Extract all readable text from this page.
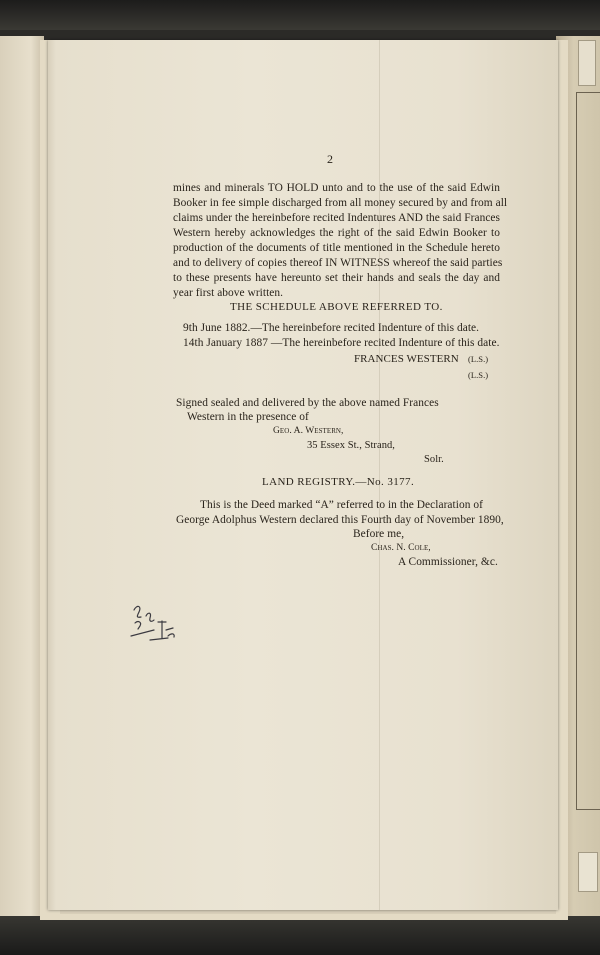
2
mines and minerals TO HOLD unto and to the use of the said Edwin
Booker in fee simple discharged from all money secured by and from all
claims under the hereinbefore recited Indentures AND the said Frances
Western hereby acknowledges the right of the said Edwin Booker to
production of the documents of title mentioned in the Schedule hereto
and to delivery of copies thereof IN WITNESS whereof the said parties
to these presents have hereunto set their hands and seals the day and
year first above written.
THE SCHEDULE ABOVE REFERRED TO.
9th June 1882.—The hereinbefore recited Indenture of this date.
14th January 1887 —The hereinbefore recited Indenture of this date.
FRANCES WESTERN (L.S.)
(L.S.)
Signed sealed and delivered by the above named Frances
Western in the presence of
Geo. A. Western,
35 Essex St., Strand,
Solr.
LAND REGISTRY.—No. 3177.
This is the Deed marked “A” referred to in the Declaration of
George Adolphus Western declared this Fourth day of November 1890,
Before me,
Chas. N. Cole,
A Commissioner, &c.
